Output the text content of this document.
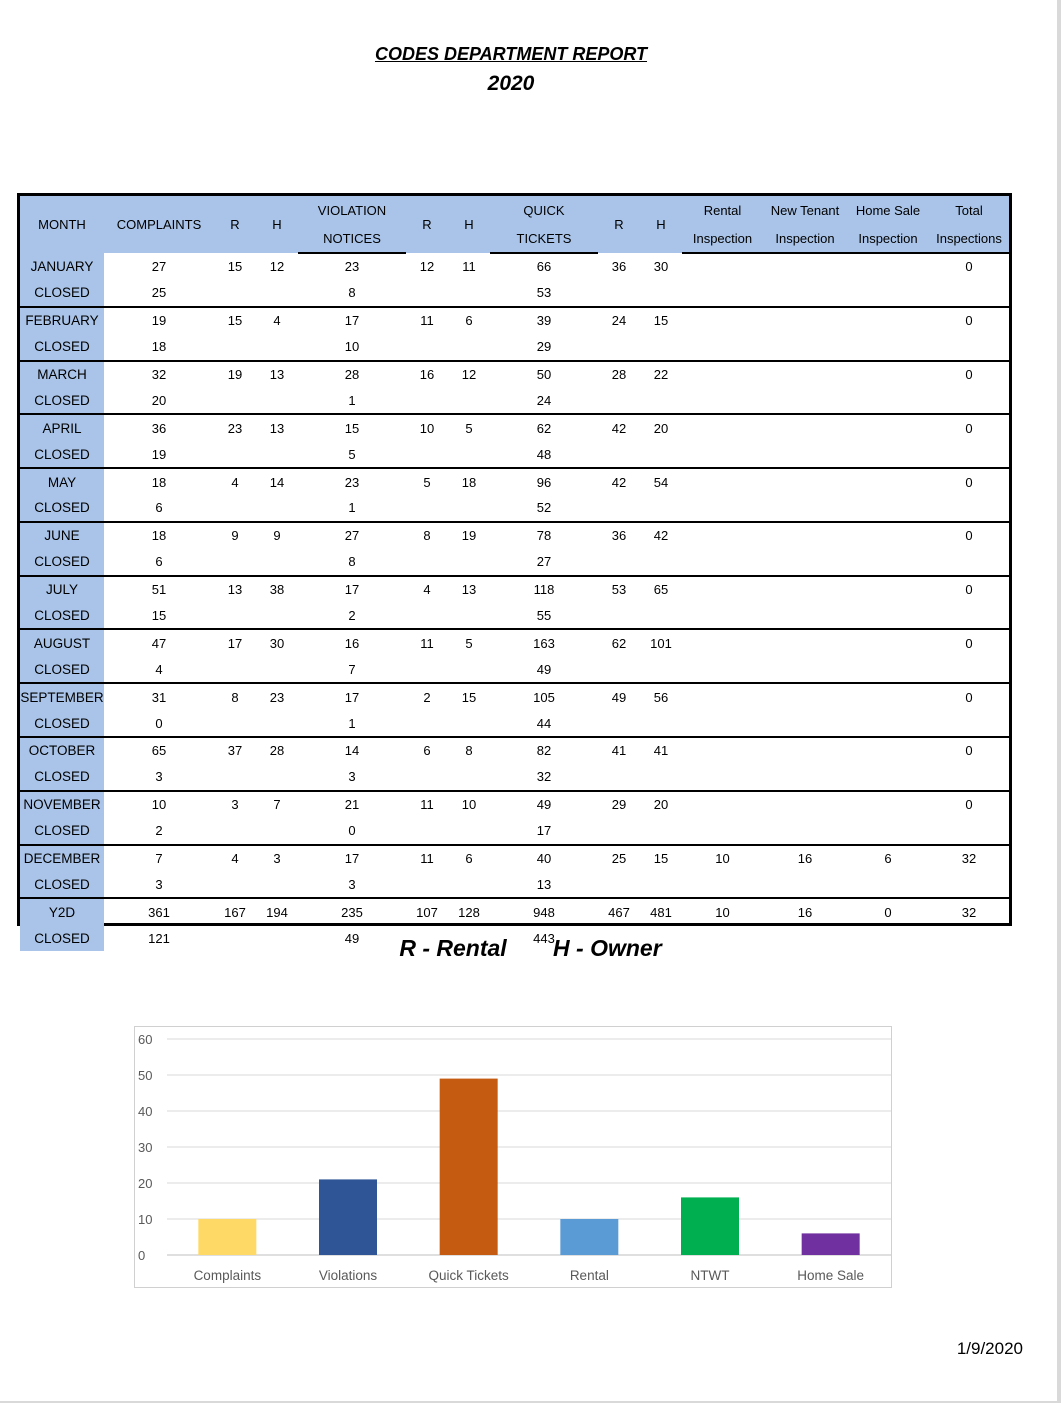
CODES DEPARTMENT REPORT
2020
MONTH	COMPLAINTS	R	H	VIOLATION	R	H	QUICK	R	H	Rental	New Tenant	Home Sale	Total
				NOTICES			TICKETS			Inspection	Inspection	Inspection	Inspections
JANUARY	27	15	12	23	12	11	66	36	30				0
CLOSED	25			8			53						
FEBRUARY	19	15	4	17	11	6	39	24	15				0
CLOSED	18			10			29						
MARCH	32	19	13	28	16	12	50	28	22				0
CLOSED	20			1			24						
APRIL	36	23	13	15	10	5	62	42	20				0
CLOSED	19			5			48						
MAY	18	4	14	23	5	18	96	42	54				0
CLOSED	6			1			52						
JUNE	18	9	9	27	8	19	78	36	42				0
CLOSED	6			8			27						
JULY	51	13	38	17	4	13	118	53	65				0
CLOSED	15			2			55						
AUGUST	47	17	30	16	11	5	163	62	101				0
CLOSED	4			7			49						
SEPTEMBER	31	8	23	17	2	15	105	49	56				0
CLOSED	0			1			44						
OCTOBER	65	37	28	14	6	8	82	41	41				0
CLOSED	3			3			32						
NOVEMBER	10	3	7	21	11	10	49	29	20				0
CLOSED	2			0			17						
DECEMBER	7	4	3	17	11	6	40	25	15	10	16	6	32
CLOSED	3			3			13						
Y2D	361	167	194	235	107	128	948	467	481	10	16	0	32
CLOSED	121			49			443						
R - Rental H - Owner
0
10
20
30
40
50
60
Complaints	Violations	Quick Tickets	Rental	NTWT	Home Sale
1/9/2020
